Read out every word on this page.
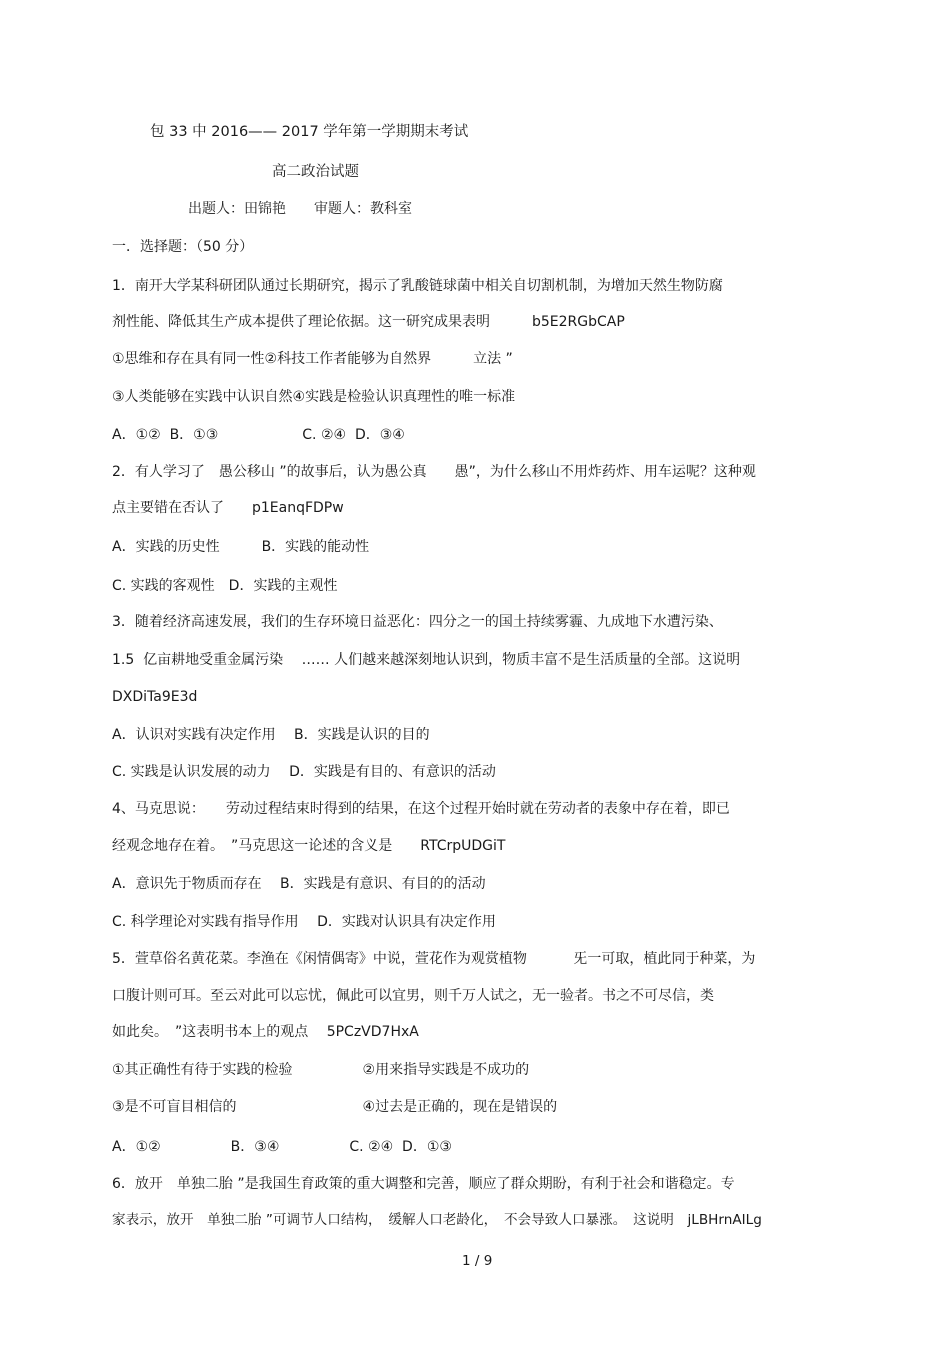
包 33 中 2016—— 2017 学年第一学期期末考试
高二政治试题
出题人：田锦艳　　审题人：教科室
一．选择题：（50 分）
1．南开大学某科研团队通过长期研究，揭示了乳酸链球菌中相关自切割机制，为增加天然生物防腐
剂性能、降低其生产成本提供了理论依据。这一研究成果表明　　　b5E2RGbCAP
①思维和存在具有同一性②科技工作者能够为自然界　　　立法 ”
③人类能够在实践中认识自然④实践是检验认识真理性的唯一标准
A．①②  B．①③　　　　　　C. ②④  D．③④
2．有人学习了　愚公移山 ”的故事后，认为愚公真　　愚”，为什么移山不用炸药炸、用车运呢？这种观
点主要错在否认了　　p1EanqFDPw
A．实践的历史性　　　B．实践的能动性
C. 实践的客观性　D．实践的主观性
3．随着经济高速发展，我们的生存环境日益恶化：四分之一的国土持续雾霾、九成地下水遭污染、
1.5  亿亩耕地受重金属污染　 …… 人们越来越深刻地认识到，物质丰富不是生活质量的全部。这说明
DXDiTa9E3d
A．认识对实践有决定作用　 B．实践是认识的目的
C. 实践是认识发展的动力　 D．实践是有目的、有意识的活动
4、马克思说：　　劳动过程结束时得到的结果，在这个过程开始时就在劳动者的表象中存在着，即已
经观念地存在着。　”马克思这一论述的含义是　　RTCrpUDGiT
A．意识先于物质而存在　 B．实践是有意识、有目的的活动
C. 科学理论对实践有指导作用　 D．实践对认识具有决定作用
5．萱草俗名黄花菜。李渔在《闲情偶寄》中说，萱花作为观赏植物　　　 旡一可取，植此同于种菜，为
口腹计则可耳。至云对此可以忘忧，佩此可以宜男，则千万人试之，无一验者。书之不可尽信，类
如此矣。　”这表明书本上的观点　 5PCzVD7HxA
①其正确性有待于实践的检验　　　　　②用来指导实践是不成功的
③是不可盲目相信的　　　　　　　　　④过去是正确的，现在是错误的
A．①②　　　　　B．③④　　　　　C. ②④  D．①③
6．放开　单独二胎 ”是我国生育政策的重大调整和完善，顺应了群众期盼，有利于社会和谐稳定。专
家表示，放开　单独二胎 ”可调节人口结构，　缓解人口老龄化，　不会导致人口暴涨。　这说明　jLBHrnAILg
1 / 9
